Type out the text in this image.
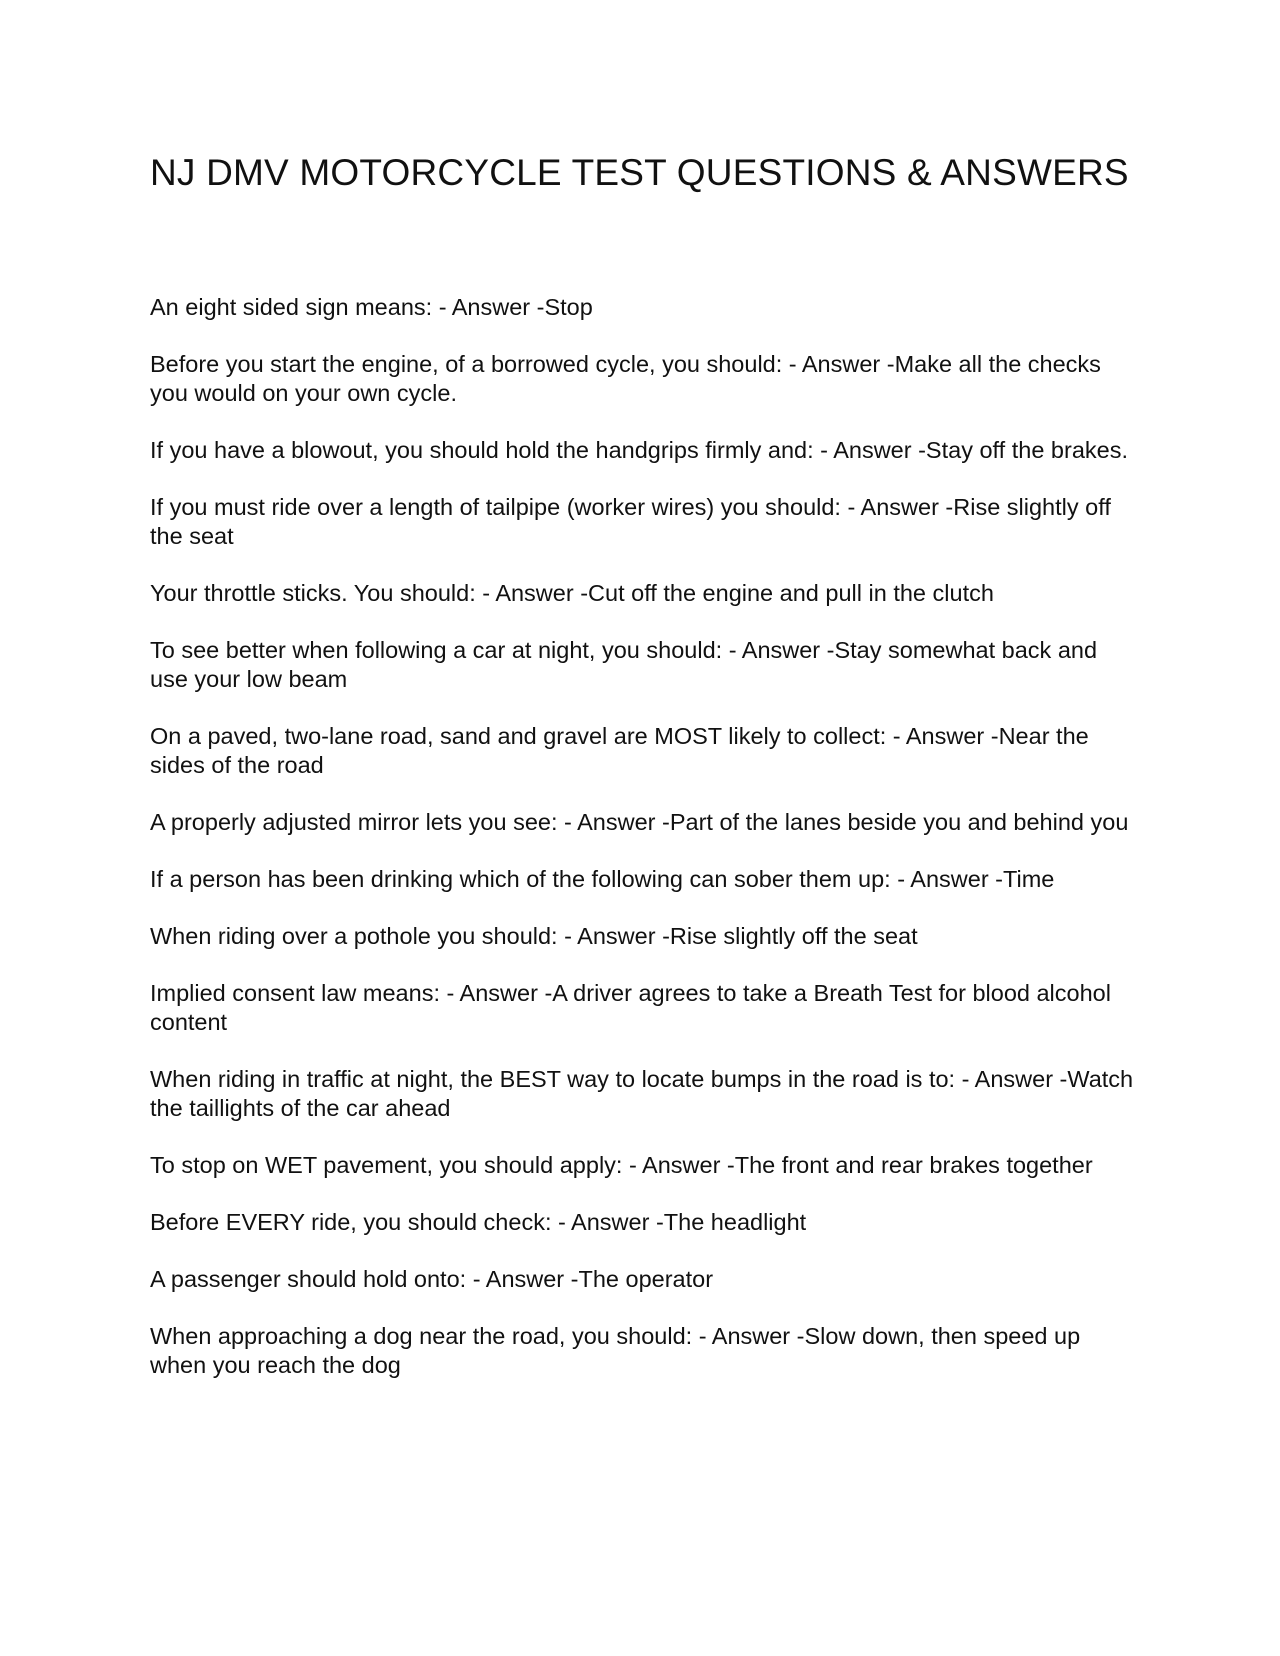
NJ DMV MOTORCYCLE TEST QUESTIONS & ANSWERS
An eight sided sign means: - Answer -Stop
Before you start the engine, of a borrowed cycle, you should: - Answer -Make all the checks you would on your own cycle.
If you have a blowout, you should hold the handgrips firmly and: - Answer -Stay off the brakes.
If you must ride over a length of tailpipe (worker wires) you should: - Answer -Rise slightly off the seat
Your throttle sticks. You should: - Answer -Cut off the engine and pull in the clutch
To see better when following a car at night, you should: - Answer -Stay somewhat back and use your low beam
On a paved, two-lane road, sand and gravel are MOST likely to collect: - Answer -Near the sides of the road
A properly adjusted mirror lets you see: - Answer -Part of the lanes beside you and behind you
If a person has been drinking which of the following can sober them up: - Answer -Time
When riding over a pothole you should: - Answer -Rise slightly off the seat
Implied consent law means: - Answer -A driver agrees to take a Breath Test for blood alcohol content
When riding in traffic at night, the BEST way to locate bumps in the road is to: - Answer -Watch the taillights of the car ahead
To stop on WET pavement, you should apply: - Answer -The front and rear brakes together
Before EVERY ride, you should check: - Answer -The headlight
A passenger should hold onto: - Answer -The operator
When approaching a dog near the road, you should: - Answer -Slow down, then speed up when you reach the dog
